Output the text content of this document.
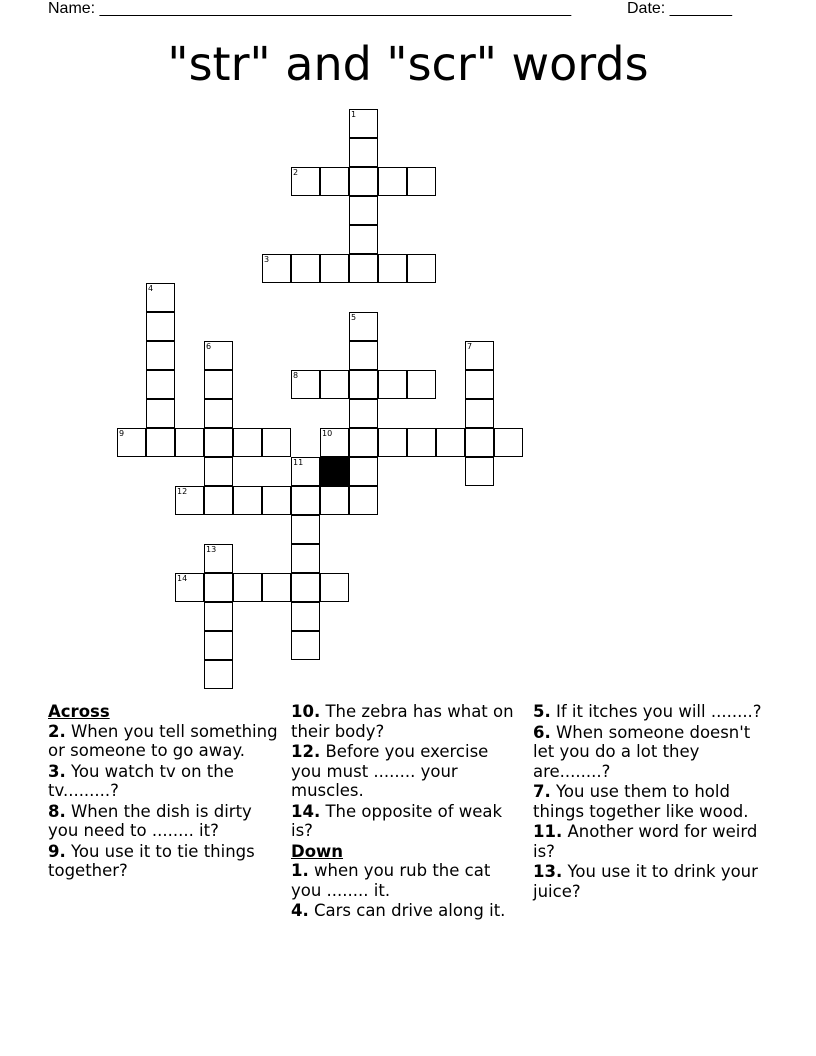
Name: _____________________________________________________	Date: _______
"str" and "scr" words
1
2
3
4
5
6	7
8
9	10
11
12
13
14
Across
2. When you tell something or someone to go away.
3. You watch tv on the tv.........?
8. When the dish is dirty you need to ........ it?
9. You use it to tie things together?
10. The zebra has what on their body?
12. Before you exercise you must ........ your muscles.
14. The opposite of weak is?
Down
1. when you rub the cat you ........ it.
4. Cars can drive along it.
5. If it itches you will ........?
6. When someone doesn't let you do a lot they are........?
7. You use them to hold things together like wood.
11. Another word for weird is?
13. You use it to drink your juice?
